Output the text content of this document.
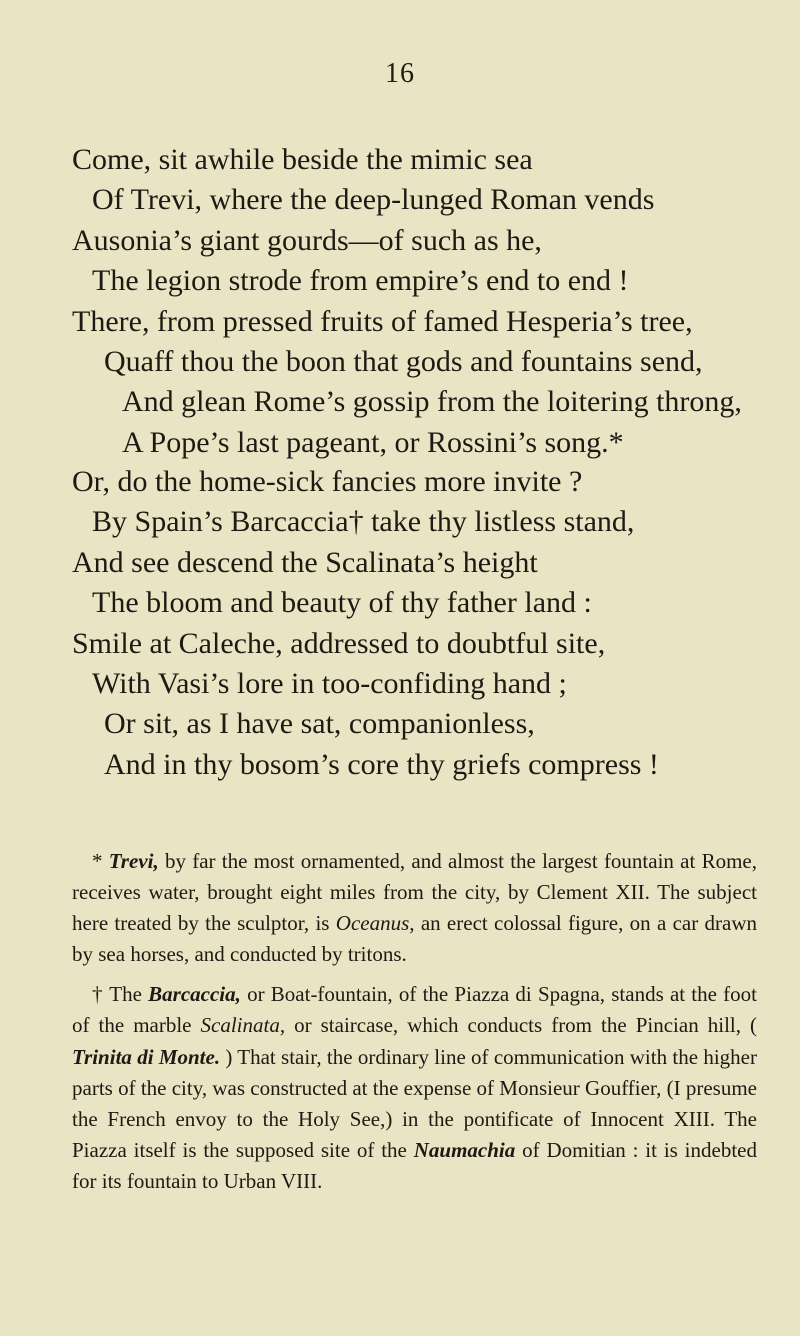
16
Come, sit awhile beside the mimic sea
Of Trevi, where the deep-lunged Roman vends
Ausonia’s giant gourds—of such as he,
The legion strode from empire’s end to end !
There, from pressed fruits of famed Hesperia’s tree,
Quaff thou the boon that gods and fountains send,
And glean Rome’s gossip from the loitering throng,
A Pope’s last pageant, or Rossini’s song.*
Or, do the home-sick fancies more invite ?
By Spain’s Barcaccia† take thy listless stand,
And see descend the Scalinata’s height
The bloom and beauty of thy father land :
Smile at Caleche, addressed to doubtful site,
With Vasi’s lore in too-confiding hand ;
Or sit, as I have sat, companionless,
And in thy bosom’s core thy griefs compress !

* Trevi, by far the most ornamented, and almost the largest fountain at Rome, receives water, brought eight miles from the city, by Clement XII. The subject here treated by the sculptor, is Oceanus, an erect colossal figure, on a car drawn by sea horses, and conducted by tritons.

† The Barcaccia, or Boat-fountain, of the Piazza di Spagna, stands at the foot of the marble Scalinata, or staircase, which conducts from the Pincian hill, ( Trinita di Monte. ) That stair, the ordinary line of communication with the higher parts of the city, was constructed at the expense of Monsieur Gouffier, (I presume the French envoy to the Holy See,) in the pontificate of Innocent XIII. The Piazza itself is the supposed site of the Naumachia of Domitian : it is indebted for its fountain to Urban VIII.
